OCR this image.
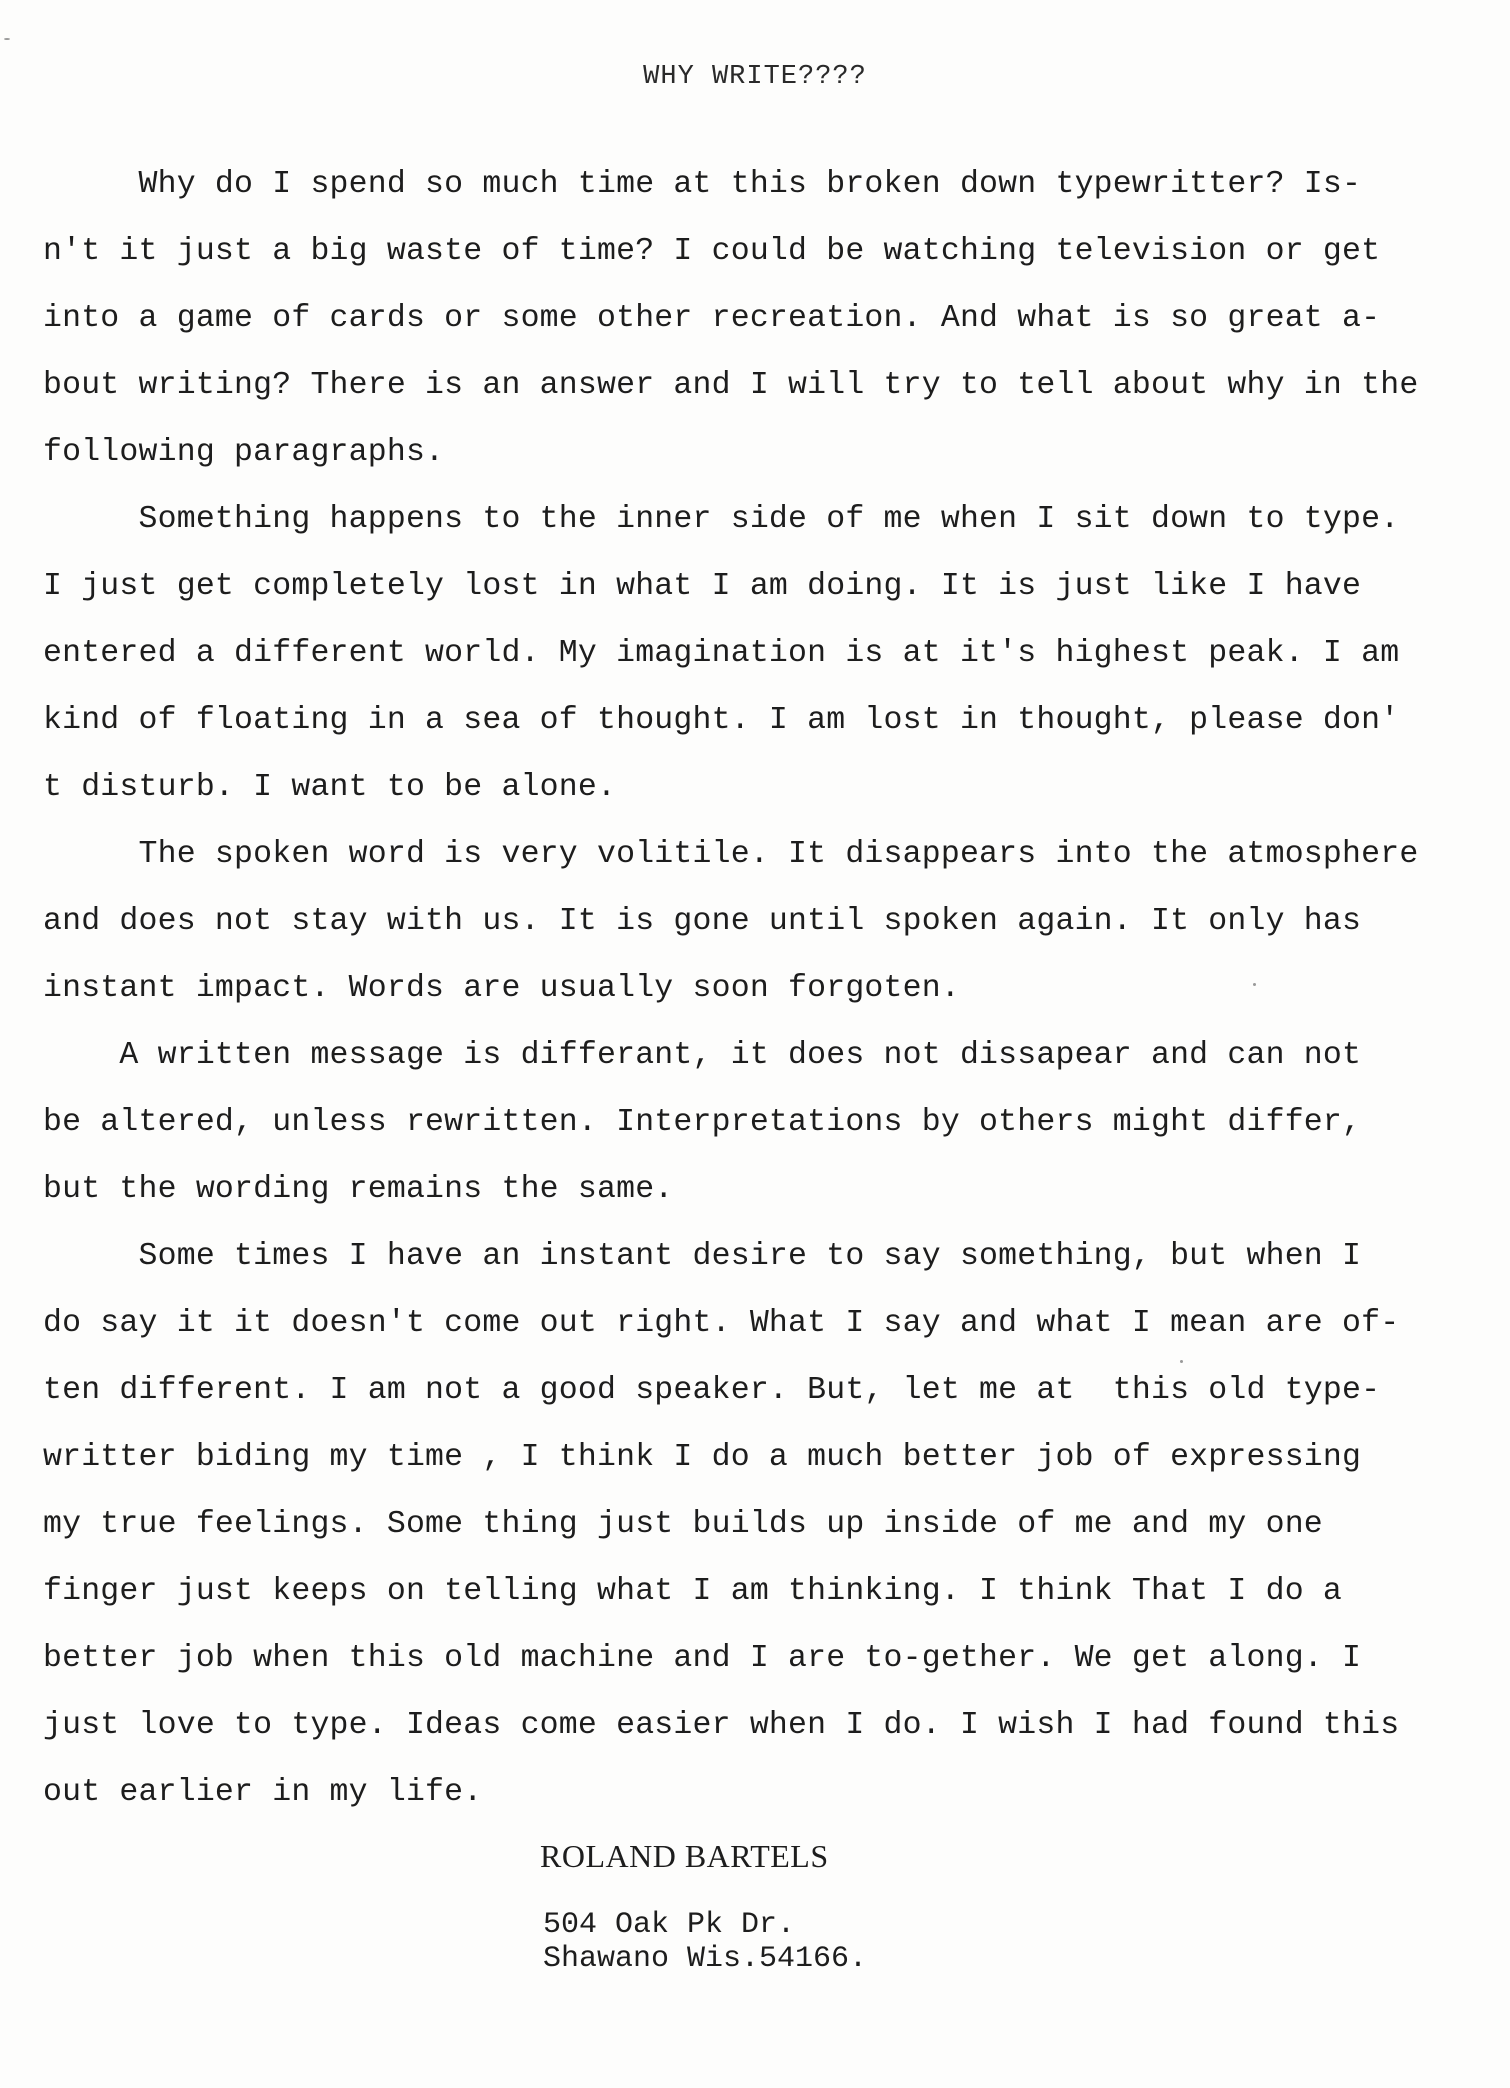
WHY WRITE????
Why do I spend so much time at this broken down typewritter? Is-
n't it just a big waste of time? I could be watching television or get
into a game of cards or some other recreation. And what is so great a-
bout writing? There is an answer and I will try to tell about why in the
following paragraphs.
Something happens to the inner side of me when I sit down to type.
I just get completely lost in what I am doing. It is just like I have
entered a different world. My imagination is at it's highest peak. I am
kind of floating in a sea of thought. I am lost in thought, please don'
t disturb. I want to be alone.
The spoken word is very volitile. It disappears into the atmosphere
and does not stay with us. It is gone until spoken again. It only has
instant impact. Words are usually soon forgoten.
A written message is differant, it does not dissapear and can not
be altered, unless rewritten. Interpretations by others might differ,
but the wording remains the same.
Some times I have an instant desire to say something, but when I
do say it it doesn't come out right. What I say and what I mean are of-
ten different. I am not a good speaker. But, let me at  this old type-
writter biding my time , I think I do a much better job of expressing
my true feelings. Some thing just builds up inside of me and my one
finger just keeps on telling what I am thinking. I think That I do a
better job when this old machine and I are to-gether. We get along. I
just love to type. Ideas come easier when I do. I wish I had found this
out earlier in my life.
ROLAND BARTELS
504 Oak Pk Dr.
Shawano Wis.54166.
